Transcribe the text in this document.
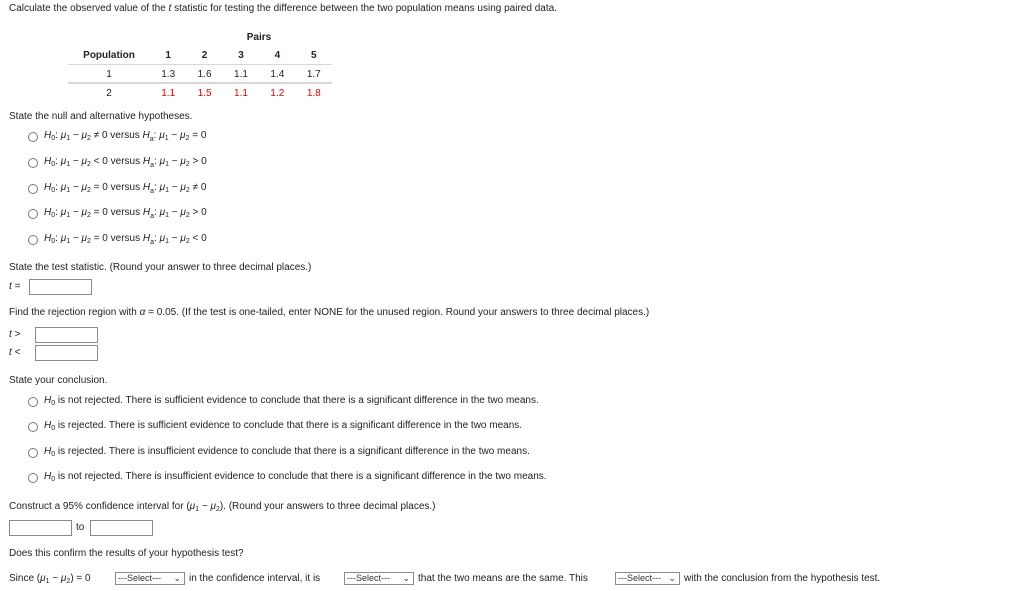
Calculate the observed value of the t statistic for testing the difference between the two population means using paired data.
	Pairs				
Population	1	2	3	4	5
1	1.3	1.6	1.1	1.4	1.7
2	1.1	1.5	1.1	1.2	1.8
State the null and alternative hypotheses.
$H_0$: $\mu_1 - \mu_2 \ne 0$ versus $H_a$: $\mu_1 - \mu_2 = 0$
$H_0$: $\mu_1 - \mu_2 < 0$ versus $H_a$: $\mu_1 - \mu_2 > 0$
$H_0$: $\mu_1 - \mu_2 = 0$ versus $H_a$: $\mu_1 - \mu_2 \ne 0$
$H_0$: $\mu_1 - \mu_2 = 0$ versus $H_a$: $\mu_1 - \mu_2 > 0$
$H_0$: $\mu_1 - \mu_2 = 0$ versus $H_a$: $\mu_1 - \mu_2 < 0$
State the test statistic. (Round your answer to three decimal places.)
t =
Find the rejection region with α = 0.05. (If the test is one-tailed, enter NONE for the unused region. Round your answers to three decimal places.)
t >
t <
State your conclusion.
$H_0$ is not rejected. There is sufficient evidence to conclude that there is a significant difference in the two means.
$H_0$ is rejected. There is sufficient evidence to conclude that there is a significant difference in the two means.
$H_0$ is rejected. There is insufficient evidence to conclude that there is a significant difference in the two means.
$H_0$ is not rejected. There is insufficient evidence to conclude that there is a significant difference in the two means.
Construct a 95% confidence interval for $(\mu_1 - \mu_2)$. (Round your answers to three decimal places.)
to
Does this confirm the results of your hypothesis test?
Since $(\mu_1 - \mu_2) = 0$	---Select--- ⌄ in the confidence interval, it is	---Select--- ⌄ that the two means are the same. This	---Select--- ⌄ with the conclusion from the hypothesis test.
